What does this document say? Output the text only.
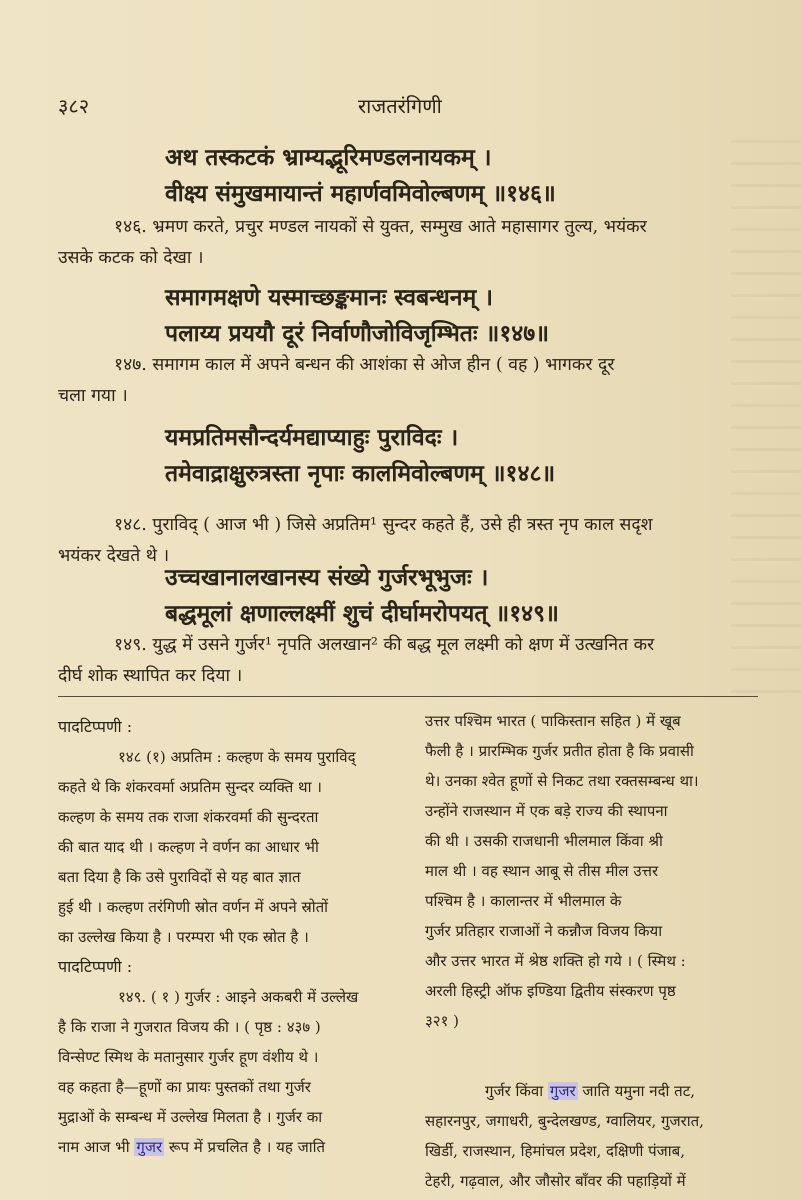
३८२	राजतरंगिणी
अथ तस्कटकं भ्राम्यद्भूरिमण्डलनायकम् ।
वीक्ष्य संमुखमायान्तं महार्णवमिवोल्बणम् ॥१४६॥
१४६. भ्रमण करते, प्रचुर मण्डल नायकों से युक्त, सम्मुख आते महासागर तुल्य, भयंकर
उसके कटक को देखा ।
समागमक्षणे यस्माच्छङ्कमानः स्वबन्धनम् ।
पलाय्य प्रययौ दूरं निर्वाणौजोविजृम्भितः ॥१४७॥
१४७. समागम काल में अपने बन्धन की आशंका से ओज हीन ( वह ) भागकर दूर
चला गया ।
यमप्रतिमसौन्दर्यमद्याप्याहुः पुराविदः ।
तमेवाद्राक्षुरुत्रस्ता नृपाः कालमिवोल्बणम् ॥१४८॥
१४८. पुराविद् ( आज भी ) जिसे अप्रतिम¹ सुन्दर कहते हैं, उसे ही त्रस्त नृप काल सदृश
भयंकर देखते थे ।
उच्चखानालखानस्य संख्ये गुर्जरभूभुजः ।
बद्धमूलां क्षणाल्लक्ष्मीं शुचं दीर्घामरोपयत् ॥१४९॥
१४९. युद्ध में उसने गुर्जर¹ नृपति अलखान² की बद्ध मूल लक्ष्मी को क्षण में उत्खनित कर
दीर्घ शोक स्थापित कर दिया ।
पादटिप्पणी :

१४८ (१) अप्रतिम : कल्हण के समय पुराविद्

कहते थे कि शंकरवर्मा अप्रतिम सुन्दर व्यक्ति था ।
कल्हण के समय तक राजा शंकरवर्मा की सुन्दरता
की बात याद थी । कल्हण ने वर्णन का आधार भी
बता दिया है कि उसे पुराविदों से यह बात ज्ञात
हुई थी । कल्हण तरंगिणी स्रोत वर्णन में अपने स्रोतों
का उल्लेख किया है । परम्परा भी एक स्रोत है ।
पादटिप्पणी :

१४९. ( १ ) गुर्जर : आइने अकबरी में उल्लेख

है कि राजा ने गुजरात विजय की । ( पृष्ठ : ४३७ )
विन्सेण्ट स्मिथ के मतानुसार गुर्जर हूण वंशीय थे ।
वह कहता है—हूणों का प्रायः पुस्तकों तथा गुर्जर
मुद्राओं के सम्बन्ध में उल्लेख मिलता है । गुर्जर का
नाम आज भी गुजर रूप में प्रचलित है । यह जाति
उत्तर पश्चिम भारत ( पाकिस्तान सहित ) में खूब
फैली है । प्रारम्भिक गुर्जर प्रतीत होता है कि प्रवासी
थे। उनका श्वेत हूणों से निकट तथा रक्तसम्बन्ध था।
उन्होंने राजस्थान में एक बड़े राज्य की स्थापना
की थी । उसकी राजधानी भीलमाल किंवा श्री
माल थी । वह स्थान आबू से तीस मील उत्तर
पश्चिम है । कालान्तर में भीलमाल के
गुर्जर प्रतिहार राजाओं ने कन्नौज विजय किया
और उत्तर भारत में श्रेष्ठ शक्ति हो गये । ( स्मिथ :
अरली हिस्ट्री ऑफ इण्डिया द्वितीय संस्करण पृष्ठ
३२१ )

गुर्जर किंवा गुजर जाति यमुना नदी तट,

सहारनपुर, जगाधरी, बुन्देलखण्ड, ग्वालियर, गुजरात,
खिर्डी, राजस्थान, हिमांचल प्रदेश, दक्षिणी पंजाब,
टेहरी, गढ़वाल, और जौसोर बाँवर की पहाड़ियों में
